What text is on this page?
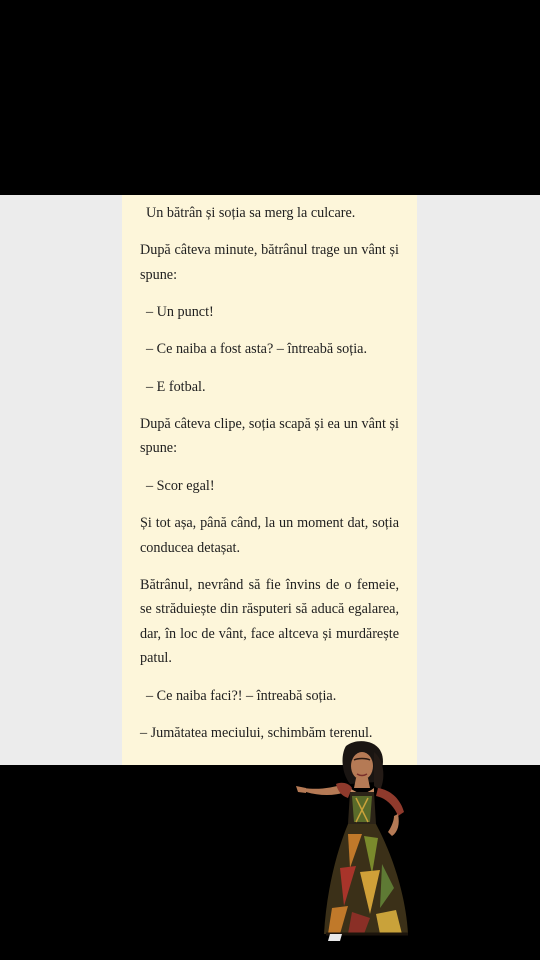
Un bătrân și soția sa merg la culcare.

După câteva minute, bătrânul trage un vânt și spune:

– Un punct!

– Ce naiba a fost asta? – întreabă soția.

– E fotbal.

După câteva clipe, soția scapă și ea un vânt și spune:

– Scor egal!

Și tot așa, până când, la un moment dat, soția conducea detașat.

Bătrânul, nevrând să fie învins de o femeie, se străduiește din răsputeri să aducă egalarea, dar, în loc de vânt, face altceva și murdărește patul.

– Ce naiba faci?! – întreabă soția.

– Jumătatea meciului, schimbăm terenul.
